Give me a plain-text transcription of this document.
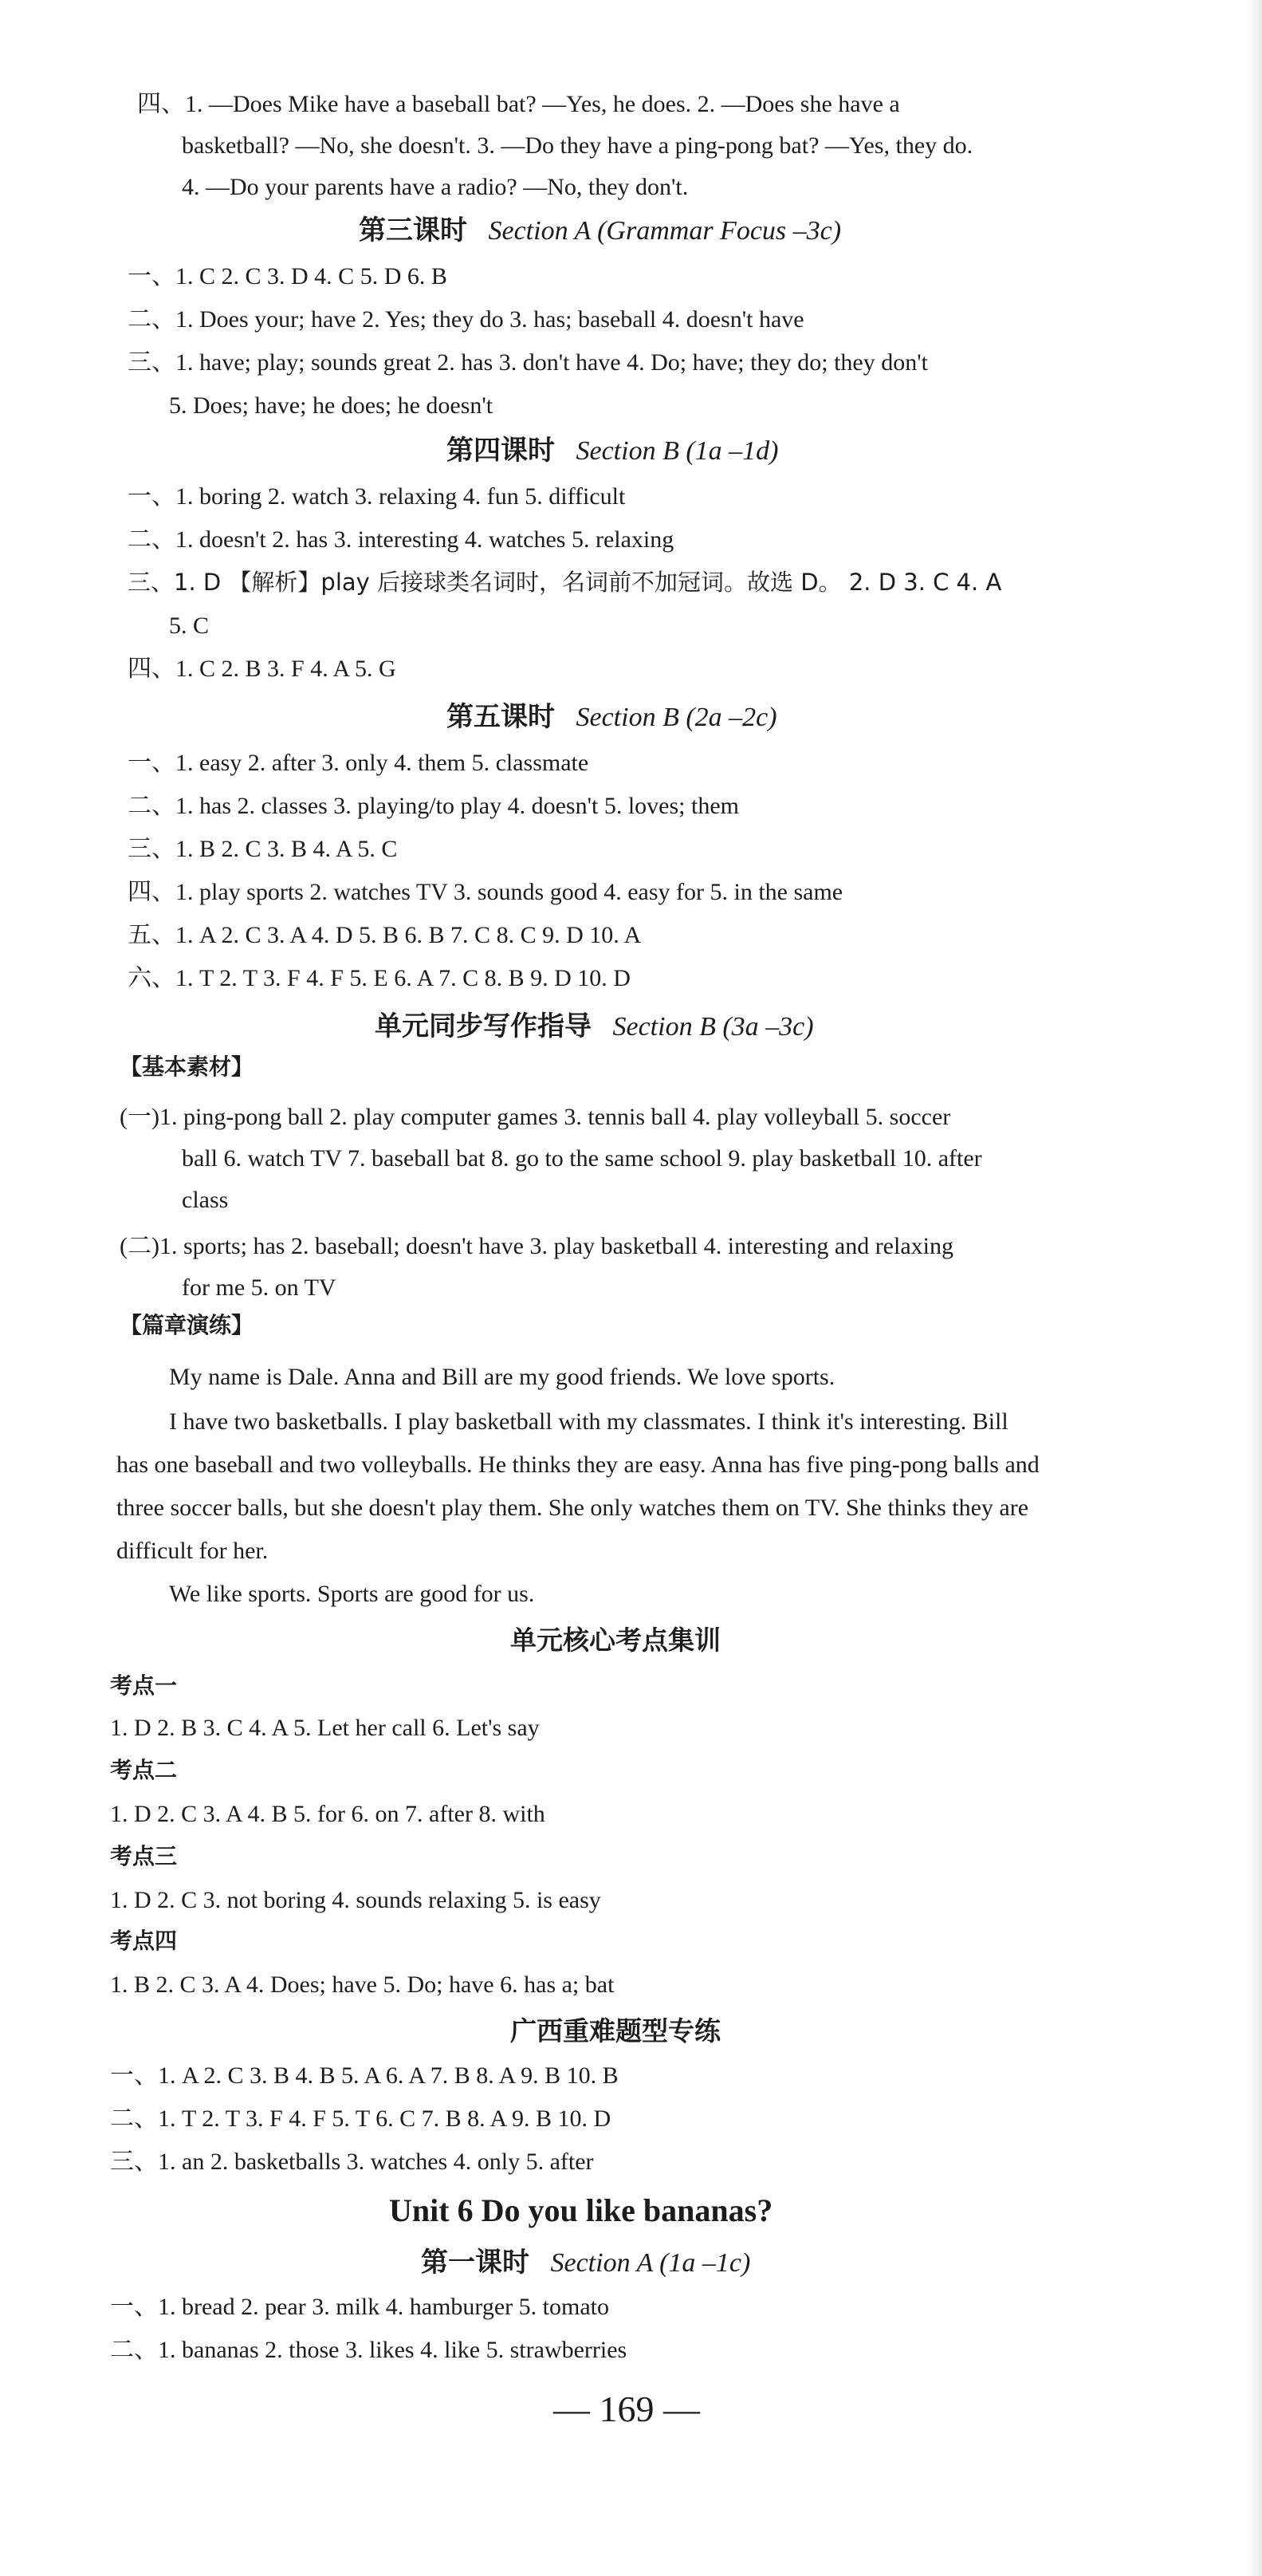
四、1. —Does Mike have a baseball bat? —Yes, he does. 2. —Does she have a
basketball? —No, she doesn't. 3. —Do they have a ping-pong bat? —Yes, they do.
4. —Do your parents have a radio? —No, they don't.
第三课时 Section A (Grammar Focus –3c)
一、1. C 2. C 3. D 4. C 5. D 6. B
二、1. Does your; have 2. Yes; they do 3. has; baseball 4. doesn't have
三、1. have; play; sounds great 2. has 3. don't have 4. Do; have; they do; they don't
5. Does; have; he does; he doesn't
第四课时 Section B (1a –1d)
一、1. boring 2. watch 3. relaxing 4. fun 5. difficult
二、1. doesn't 2. has 3. interesting 4. watches 5. relaxing
三、1. D 【解析】play 后接球类名词时，名词前不加冠词。故选 D。 2. D 3. C 4. A
5. C
四、1. C 2. B 3. F 4. A 5. G
第五课时 Section B (2a –2c)
一、1. easy 2. after 3. only 4. them 5. classmate
二、1. has 2. classes 3. playing/to play 4. doesn't 5. loves; them
三、1. B 2. C 3. B 4. A 5. C
四、1. play sports 2. watches TV 3. sounds good 4. easy for 5. in the same
五、1. A 2. C 3. A 4. D 5. B 6. B 7. C 8. C 9. D 10. A
六、1. T 2. T 3. F 4. F 5. E 6. A 7. C 8. B 9. D 10. D
单元同步写作指导 Section B (3a –3c)
【基本素材】
(一)1. ping-pong ball 2. play computer games 3. tennis ball 4. play volleyball 5. soccer
ball 6. watch TV 7. baseball bat 8. go to the same school 9. play basketball 10. after
class
(二)1. sports; has 2. baseball; doesn't have 3. play basketball 4. interesting and relaxing
for me 5. on TV
【篇章演练】
My name is Dale. Anna and Bill are my good friends. We love sports.
I have two basketballs. I play basketball with my classmates. I think it's interesting. Bill
has one baseball and two volleyballs. He thinks they are easy. Anna has five ping-pong balls and
three soccer balls, but she doesn't play them. She only watches them on TV. She thinks they are
difficult for her.
We like sports. Sports are good for us.
单元核心考点集训
考点一
1. D 2. B 3. C 4. A 5. Let her call 6. Let's say
考点二
1. D 2. C 3. A 4. B 5. for 6. on 7. after 8. with
考点三
1. D 2. C 3. not boring 4. sounds relaxing 5. is easy
考点四
1. B 2. C 3. A 4. Does; have 5. Do; have 6. has a; bat
广西重难题型专练
一、1. A 2. C 3. B 4. B 5. A 6. A 7. B 8. A 9. B 10. B
二、1. T 2. T 3. F 4. F 5. T 6. C 7. B 8. A 9. B 10. D
三、1. an 2. basketballs 3. watches 4. only 5. after
Unit 6 Do you like bananas?
第一课时 Section A (1a –1c)
一、1. bread 2. pear 3. milk 4. hamburger 5. tomato
二、1. bananas 2. those 3. likes 4. like 5. strawberries
— 169 —
